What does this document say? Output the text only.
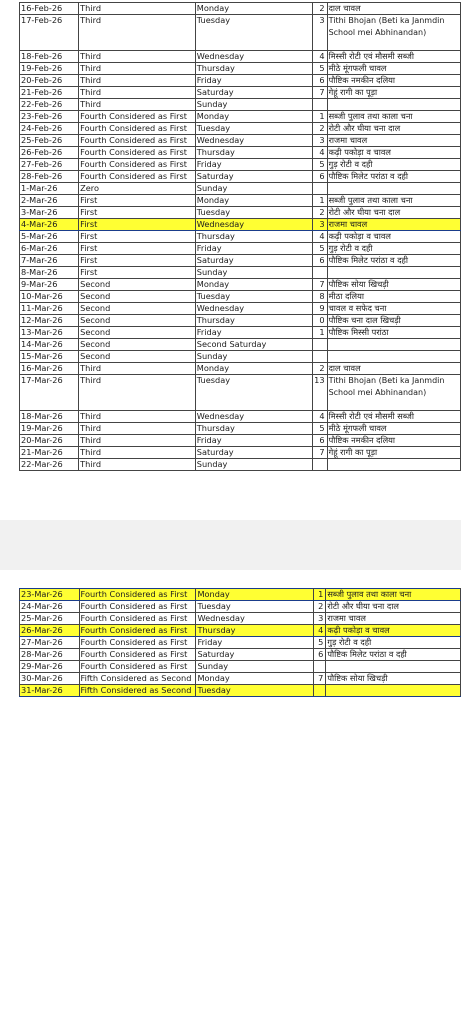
16-Feb-26	Third	Monday	2	दाल चावल
17-Feb-26	Third	Tuesday	3	Tithi Bhojan (Beti ka Janmdin School mei Abhinandan)
18-Feb-26	Third	Wednesday	4	मिस्सी रोटी एवं मौसमी सब्जी
19-Feb-26	Third	Thursday	5	मीठे मूंगफली चावल
20-Feb-26	Third	Friday	6	पौष्टिक नमकीन दलिया
21-Feb-26	Third	Saturday	7	गेहूं रागी का पूड़ा
22-Feb-26	Third	Sunday		
23-Feb-26	Fourth Considered as First	Monday	1	सब्जी पुलाव तथा काला चना
24-Feb-26	Fourth Considered as First	Tuesday	2	रोटी और घीया चना दाल
25-Feb-26	Fourth Considered as First	Wednesday	3	राजमा चावल
26-Feb-26	Fourth Considered as First	Thursday	4	कढ़ी पकोड़ा व चावल
27-Feb-26	Fourth Considered as First	Friday	5	गुड़ रोटी व दही
28-Feb-26	Fourth Considered as First	Saturday	6	पौष्टिक मिलेट परांठा व दही
1-Mar-26	Zero	Sunday		
2-Mar-26	First	Monday	1	सब्जी पुलाव तथा काला चना
3-Mar-26	First	Tuesday	2	रोटी और घीया चना दाल
4-Mar-26	First	Wednesday	3	राजमा चावल
5-Mar-26	First	Thursday	4	कढ़ी पकोड़ा व चावल
6-Mar-26	First	Friday	5	गुड़ रोटी व दही
7-Mar-26	First	Saturday	6	पौष्टिक मिलेट परांठा व दही
8-Mar-26	First	Sunday		
9-Mar-26	Second	Monday	7	पौष्टिक सोया खिचड़ी
10-Mar-26	Second	Tuesday	8	मीठा दलिया
11-Mar-26	Second	Wednesday	9	चावल व सफेद चना
12-Mar-26	Second	Thursday	0	पौष्टिक चना दाल खिचड़ी
13-Mar-26	Second	Friday	1	पौष्टिक मिस्सी परांठा
14-Mar-26	Second	Second Saturday		
15-Mar-26	Second	Sunday		
16-Mar-26	Third	Monday	2	दाल चावल
17-Mar-26	Third	Tuesday	13	Tithi Bhojan (Beti ka Janmdin School mei Abhinandan)
18-Mar-26	Third	Wednesday	4	मिस्सी रोटी एवं मौसमी सब्जी
19-Mar-26	Third	Thursday	5	मीठे मूंगफली चावल
20-Mar-26	Third	Friday	6	पौष्टिक नमकीन दलिया
21-Mar-26	Third	Saturday	7	गेहूं रागी का पूड़ा
22-Mar-26	Third	Sunday		
23-Mar-26	Fourth Considered as First	Monday	1	सब्जी पुलाव तथा काला चना
24-Mar-26	Fourth Considered as First	Tuesday	2	रोटी और घीया चना दाल
25-Mar-26	Fourth Considered as First	Wednesday	3	राजमा चावल
26-Mar-26	Fourth Considered as First	Thursday	4	कढ़ी पकोड़ा व चावल
27-Mar-26	Fourth Considered as First	Friday	5	गुड़ रोटी व दही
28-Mar-26	Fourth Considered as First	Saturday	6	पौष्टिक मिलेट परांठा व दही
29-Mar-26	Fourth Considered as First	Sunday		
30-Mar-26	Fifth Considered as Second	Monday	7	पौष्टिक सोया खिचड़ी
31-Mar-26	Fifth Considered as Second	Tuesday		
